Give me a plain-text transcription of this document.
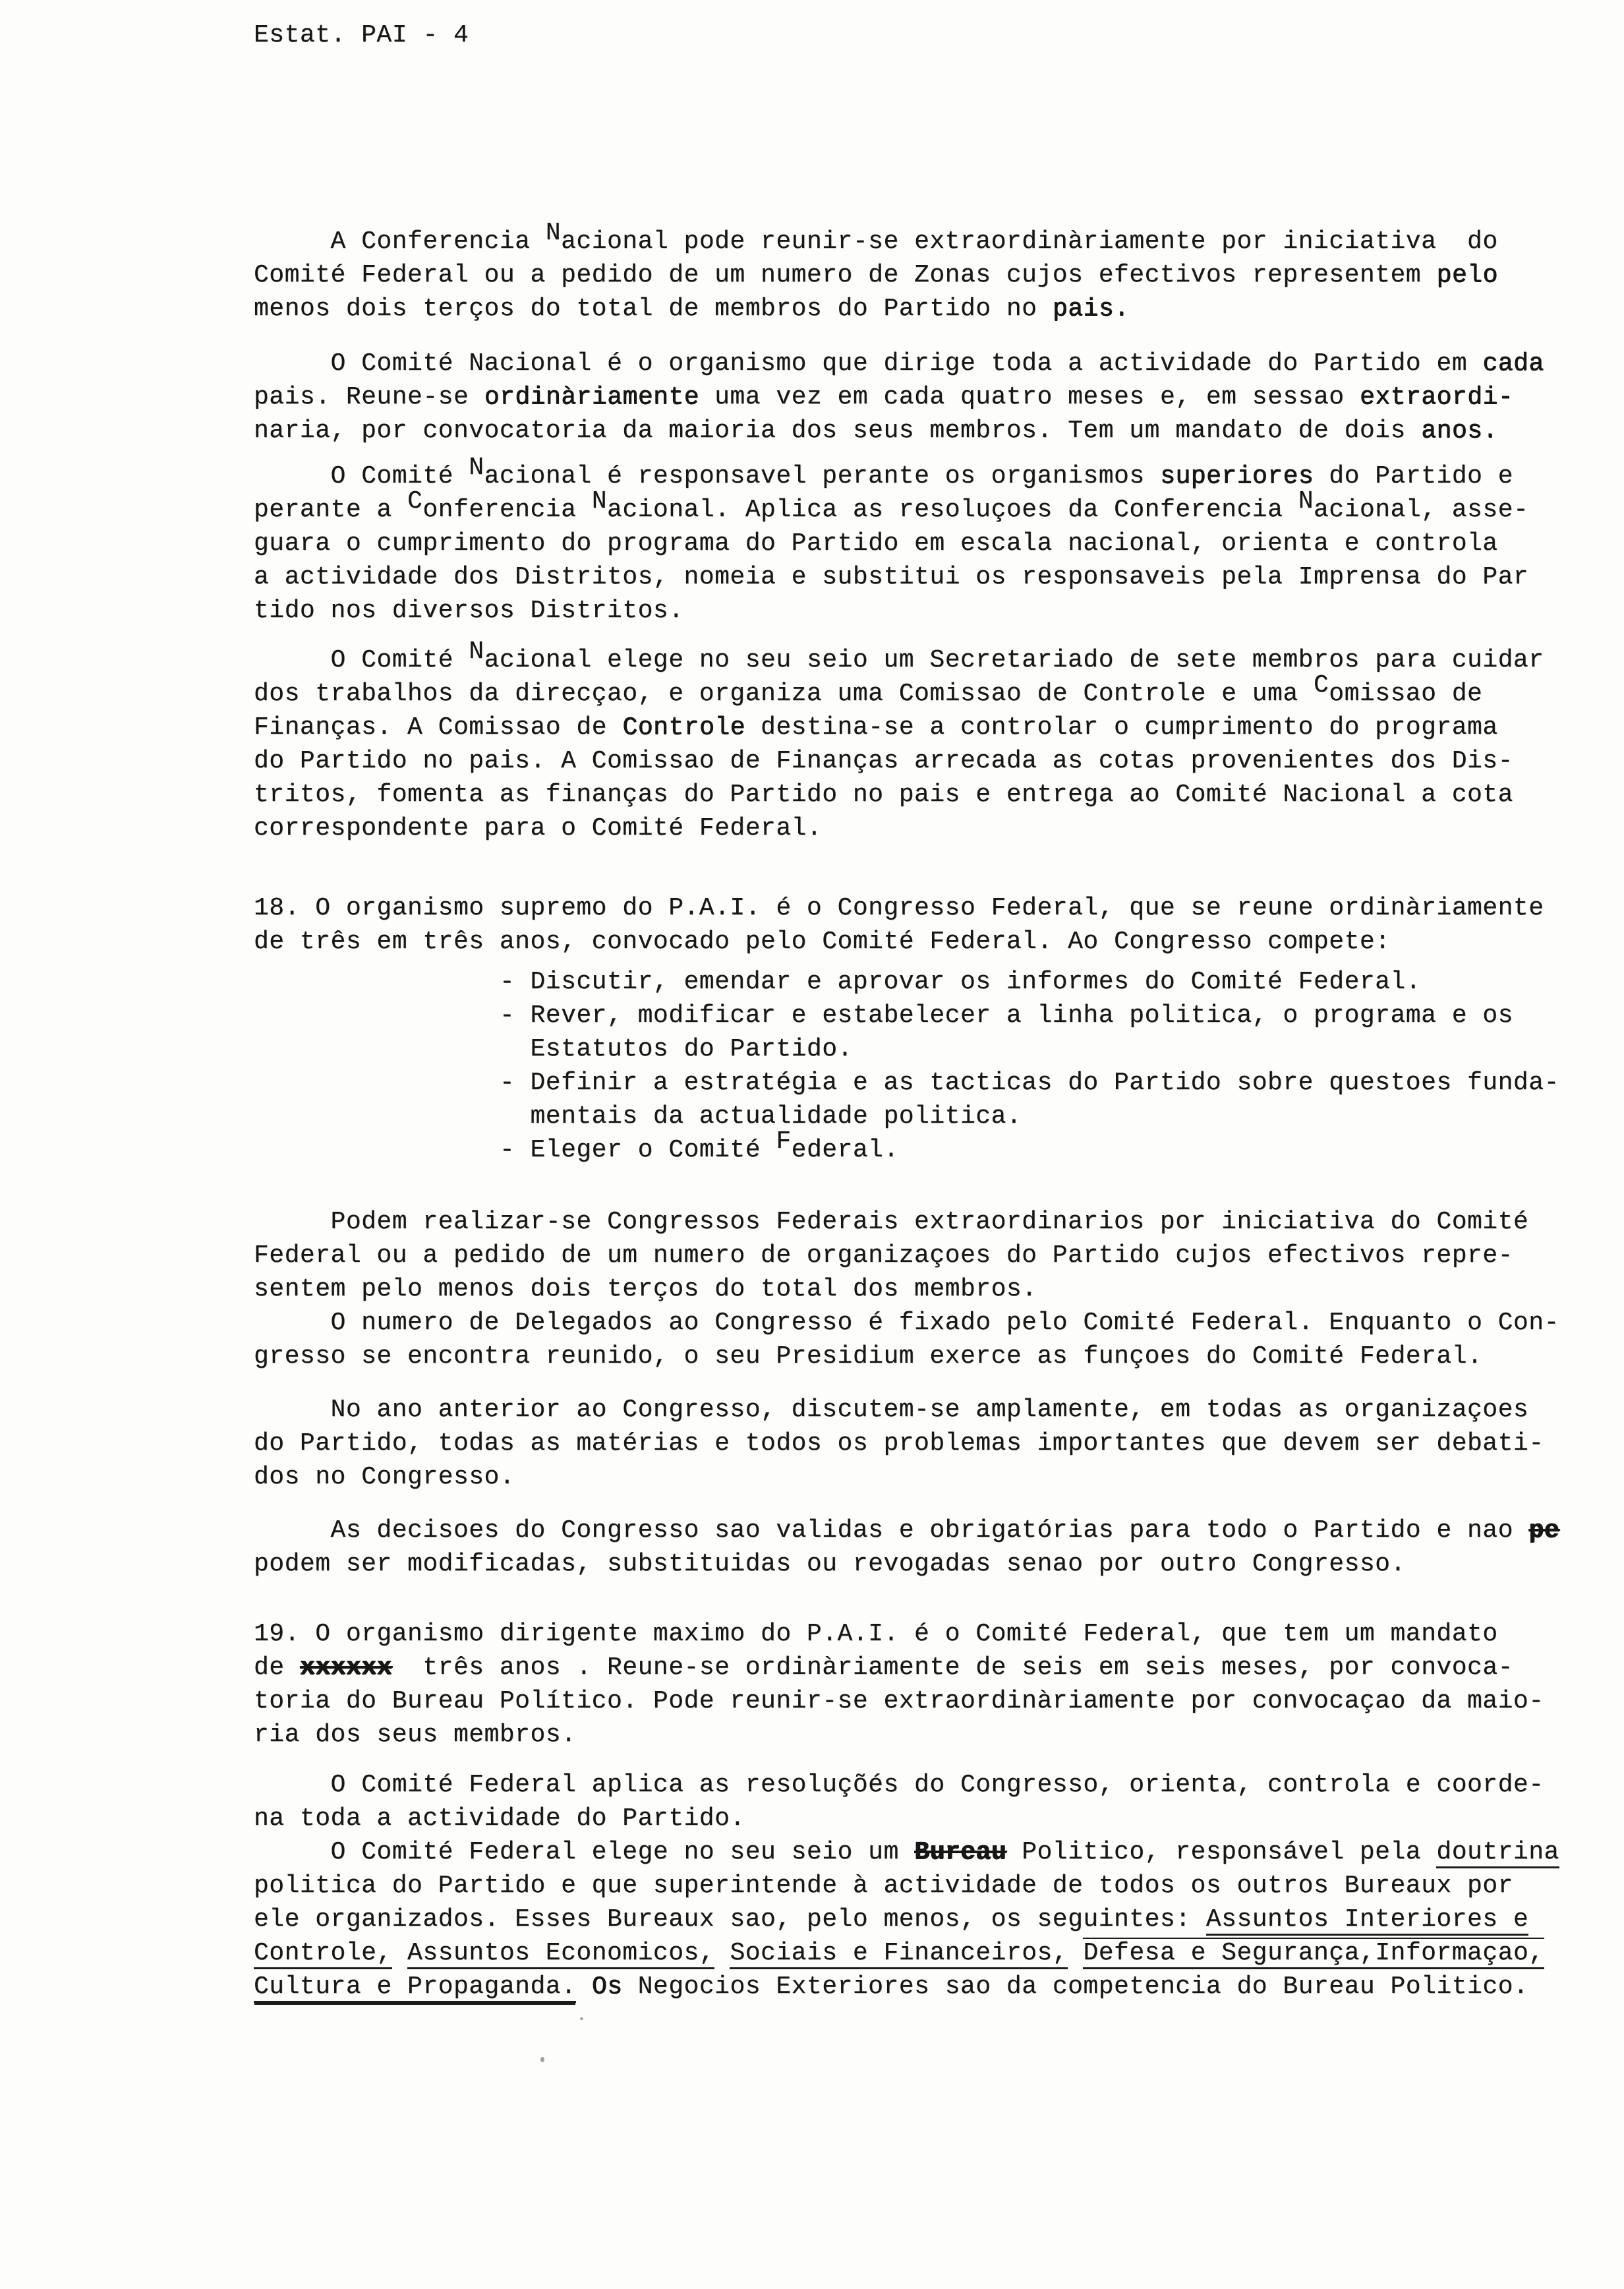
Estat. PAI - 4
A Conferencia Nacional pode reunir-se extraordinàriamente por iniciativa  do
Comité Federal ou a pedido de um numero de Zonas cujos efectivos representem pelo
menos dois terços do total de membros do Partido no pais.
O Comité Nacional é o organismo que dirige toda a actividade do Partido em cada
pais. Reune-se ordinàriamente uma vez em cada quatro meses e, em sessao extraordi-
naria, por convocatoria da maioria dos seus membros. Tem um mandato de dois anos.
O Comité Nacional é responsavel perante os organismos superiores do Partido e
perante a Conferencia Nacional. Aplica as resoluçoes da Conferencia Nacional, asse-
guara o cumprimento do programa do Partido em escala nacional, orienta e controla
a actividade dos Distritos, nomeia e substitui os responsaveis pela Imprensa do Par
tido nos diversos Distritos.
O Comité Nacional elege no seu seio um Secretariado de sete membros para cuidar
dos trabalhos da direcçao, e organiza uma Comissao de Controle e uma Comissao de
Finanças. A Comissao de Controle destina-se a controlar o cumprimento do programa
do Partido no pais. A Comissao de Finanças arrecada as cotas provenientes dos Dis-
tritos, fomenta as finanças do Partido no pais e entrega ao Comité Nacional a cota
correspondente para o Comité Federal.
18. O organismo supremo do P.A.I. é o Congresso Federal, que se reune ordinàriamente
de três em três anos, convocado pelo Comité Federal. Ao Congresso compete:
- Discutir, emendar e aprovar os informes do Comité Federal.
- Rever, modificar e estabelecer a linha politica, o programa e os
Estatutos do Partido.
- Definir a estratégia e as tacticas do Partido sobre questoes funda-
mentais da actualidade politica.
- Eleger o Comité Federal.
Podem realizar-se Congressos Federais extraordinarios por iniciativa do Comité
Federal ou a pedido de um numero de organizaçoes do Partido cujos efectivos repre-
sentem pelo menos dois terços do total dos membros.
O numero de Delegados ao Congresso é fixado pelo Comité Federal. Enquanto o Con-
gresso se encontra reunido, o seu Presidium exerce as funçoes do Comité Federal.
No ano anterior ao Congresso, discutem-se amplamente, em todas as organizaçoes
do Partido, todas as matérias e todos os problemas importantes que devem ser debati-
dos no Congresso.
As decisoes do Congresso sao validas e obrigatórias para todo o Partido e nao pe
podem ser modificadas, substituidas ou revogadas senao por outro Congresso.
19. O organismo dirigente maximo do P.A.I. é o Comité Federal, que tem um mandato
de xxxxxx  três anos . Reune-se ordinàriamente de seis em seis meses, por convoca-
toria do Bureau Político. Pode reunir-se extraordinàriamente por convocaçao da maio-
ria dos seus membros.
O Comité Federal aplica as resoluçõés do Congresso, orienta, controla e coorde-
na toda a actividade do Partido.
O Comité Federal elege no seu seio um Bureau Politico, responsável pela doutrina
politica do Partido e que superintende à actividade de todos os outros Bureaux por
ele organizados. Esses Bureaux sao, pelo menos, os seguintes: Assuntos Interiores e
Controle, Assuntos Economicos, Sociais e Financeiros, Defesa e Segurança,Informaçao,
Cultura e Propaganda. Os Negocios Exteriores sao da competencia do Bureau Politico.
